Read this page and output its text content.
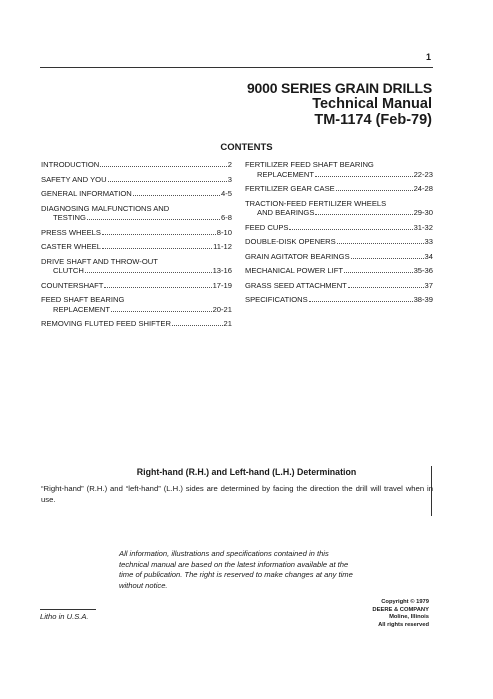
1
9000 SERIES GRAIN DRILLS
Technical Manual
TM-1174 (Feb-79)
CONTENTS
INTRODUCTION	2
SAFETY AND YOU	3
GENERAL INFORMATION	4-5
DIAGNOSING MALFUNCTIONS AND
TESTING	6-8
PRESS WHEELS	8-10
CASTER WHEEL	11-12
DRIVE SHAFT AND THROW-OUT
CLUTCH	13-16
COUNTERSHAFT	17-19
FEED SHAFT BEARING
REPLACEMENT	20-21
REMOVING FLUTED FEED SHIFTER	21
FERTILIZER FEED SHAFT BEARING
REPLACEMENT	22-23
FERTILIZER GEAR CASE	24-28
TRACTION-FEED FERTILIZER WHEELS
AND BEARINGS	29-30
FEED CUPS	31-32
DOUBLE-DISK OPENERS	33
GRAIN AGITATOR BEARINGS	34
MECHANICAL POWER LIFT	35-36
GRASS SEED ATTACHMENT	37
SPECIFICATIONS	38-39
Right-hand (R.H.) and Left-hand (L.H.) Determination
“Right-hand” (R.H.) and “left-hand” (L.H.) sides are determined by facing the direction the drill will travel when in use.
All information, illustrations and specifications contained in this technical manual are based on the latest information available at the time of publication. The right is reserved to make changes at any time without notice.
Copyright © 1979
DEERE & COMPANY
Moline, Illinois
All rights reserved
Litho in U.S.A.
